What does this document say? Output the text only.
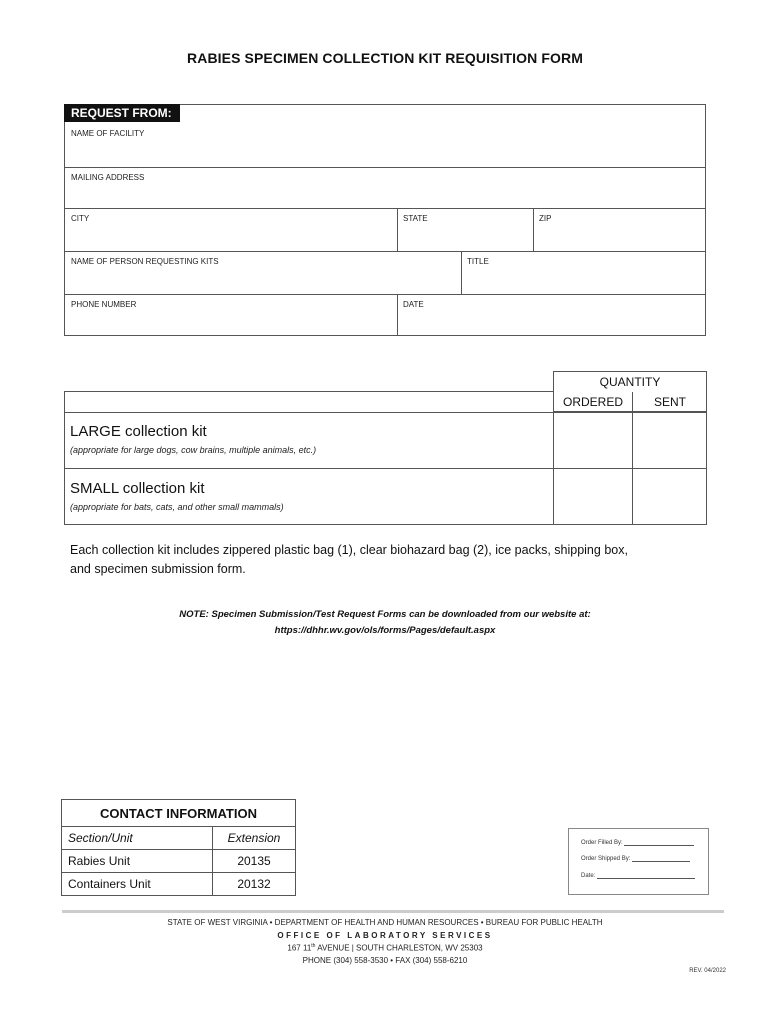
RABIES SPECIMEN COLLECTION KIT REQUISITION FORM
NAME OF FACILITY
MAILING ADDRESS
CITY	STATE	ZIP
NAME OF PERSON REQUESTING KITS	TITLE
PHONE NUMBER	DATE
REQUEST FROM:
QUANTITY
ORDERED	SENT
LARGE collection kit
(appropriate for large dogs, cow brains, multiple animals, etc.)
SMALL collection kit
(appropriate for bats, cats, and other small mammals)
Each collection kit includes zippered plastic bag (1), clear biohazard bag (2), ice packs, shipping box,
and specimen submission form.
NOTE: Specimen Submission/Test Request Forms can be downloaded from our website at:
https://dhhr.wv.gov/ols/forms/Pages/default.aspx
CONTACT INFORMATION	
Section/Unit	Extension
Rabies Unit	20135
Containers Unit	20132
Order Filled By:
Order Shipped By:
Date:
STATE OF WEST VIRGINIA • DEPARTMENT OF HEALTH AND HUMAN RESOURCES • BUREAU FOR PUBLIC HEALTH
OFFICE OF LABORATORY SERVICES
167 11th AVENUE | SOUTH CHARLESTON, WV 25303
PHONE (304) 558-3530 • FAX (304) 558-6210
REV. 04/2022
